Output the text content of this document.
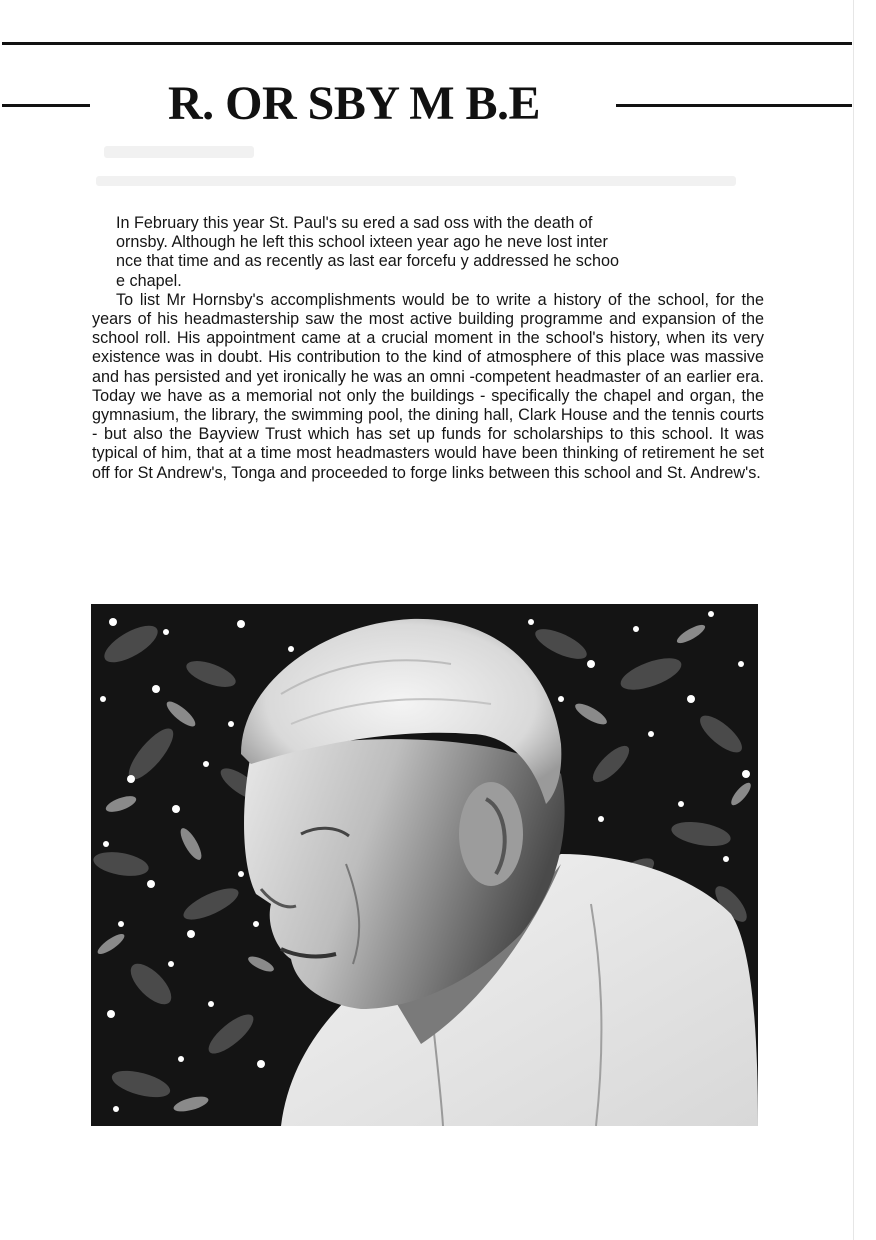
R. OR SBY M B.E

In February this year St. Paul's su ered a sad oss with the death of
ornsby. Although he left this school ixteen year ago he neve lost inter
nce that time and as recently as last ear forcefu y addressed he schoo
e chapel.

To list Mr Hornsby's accomplishments would be to write a history of the school, for the years of his headmastership saw the most active building programme and expansion of the school roll. His appointment came at a crucial moment in the school's history, when its very existence was in doubt. His contribution to the kind of atmosphere of this place was massive and has persisted and yet ironically he was an omni -competent headmaster of an earlier era. Today we have as a memorial not only the buildings - specifically the chapel and organ, the gymnasium, the library, the swimming pool, the dining hall, Clark House and the tennis courts - but also the Bayview Trust which has set up funds for scholarships to this school. It was typical of him, that at a time most headmasters would have been thinking of retirement he set off for St Andrew's, Tonga and proceeded to forge links between this school and St. Andrew's.
